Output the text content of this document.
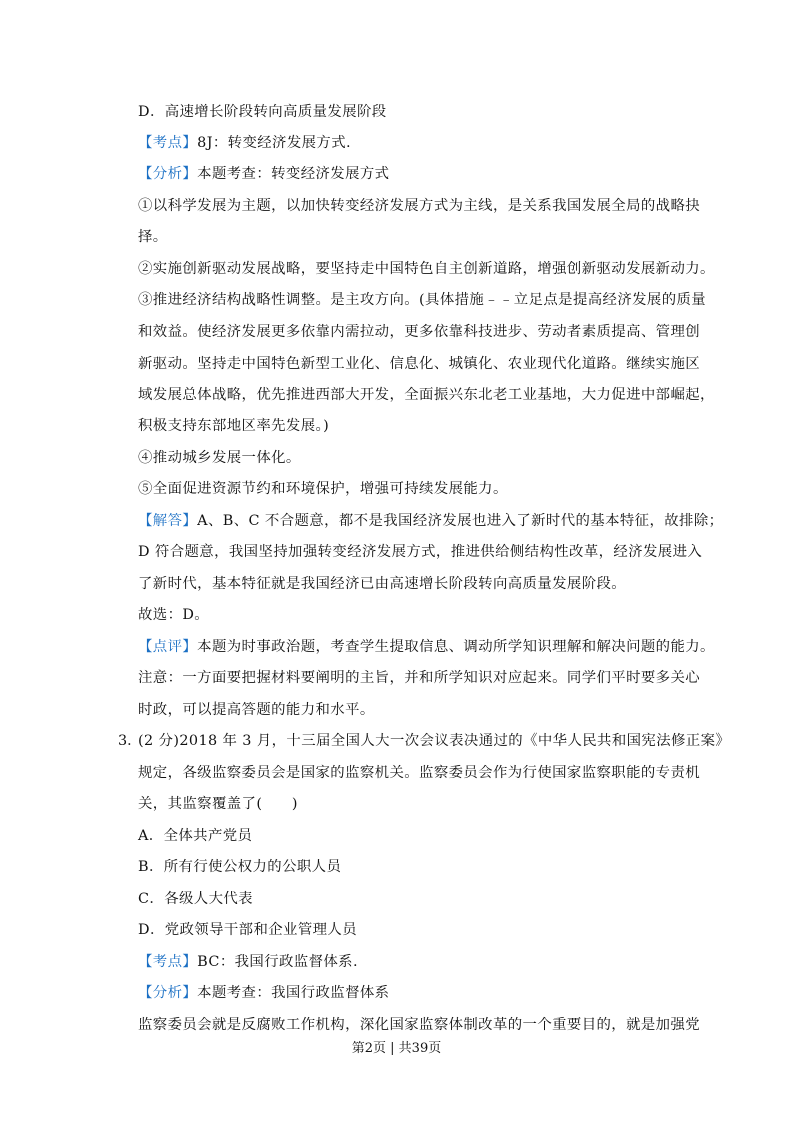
D．高速增长阶段转向高质量发展阶段
【考点】8J：转变经济发展方式.
【分析】本题考查：转变经济发展方式
①以科学发展为主题，以加快转变经济发展方式为主线，是关系我国发展全局的战略抉
择。
②实施创新驱动发展战略，要坚持走中国特色自主创新道路，增强创新驱动发展新动力。
③推进经济结构战略性调整。是主攻方向。(具体措施﹣﹣立足点是提高经济发展的质量
和效益。使经济发展更多依靠内需拉动，更多依靠科技进步、劳动者素质提高、管理创
新驱动。坚持走中国特色新型工业化、信息化、城镇化、农业现代化道路。继续实施区
域发展总体战略，优先推进西部大开发，全面振兴东北老工业基地，大力促进中部崛起，
积极支持东部地区率先发展。)
④推动城乡发展一体化。
⑤全面促进资源节约和环境保护，增强可持续发展能力。
【解答】A、B、C 不合题意，都不是我国经济发展也进入了新时代的基本特征，故排除；
D 符合题意，我国坚持加强转变经济发展方式，推进供给侧结构性改革，经济发展进入
了新时代，基本特征就是我国经济已由高速增长阶段转向高质量发展阶段。
故选：D。
【点评】本题为时事政治题，考查学生提取信息、调动所学知识理解和解决问题的能力。
注意：一方面要把握材料要阐明的主旨，并和所学知识对应起来。同学们平时要多关心
时政，可以提高答题的能力和水平。
3．
(2 分)2018 年 3 月，十三届全国人大一次会议表决通过的《中华人民共和国宪法修正案》
规定，各级监察委员会是国家的监察机关。监察委员会作为行使国家监察职能的专责机
关，其监察覆盖了(　　)
A．全体共产党员
B．所有行使公权力的公职人员
C．各级人大代表
D．党政领导干部和企业管理人员
【考点】BC：我国行政监督体系.
【分析】本题考查：我国行政监督体系
监察委员会就是反腐败工作机构，深化国家监察体制改革的一个重要目的，就是加强党
第2页 | 共39页
